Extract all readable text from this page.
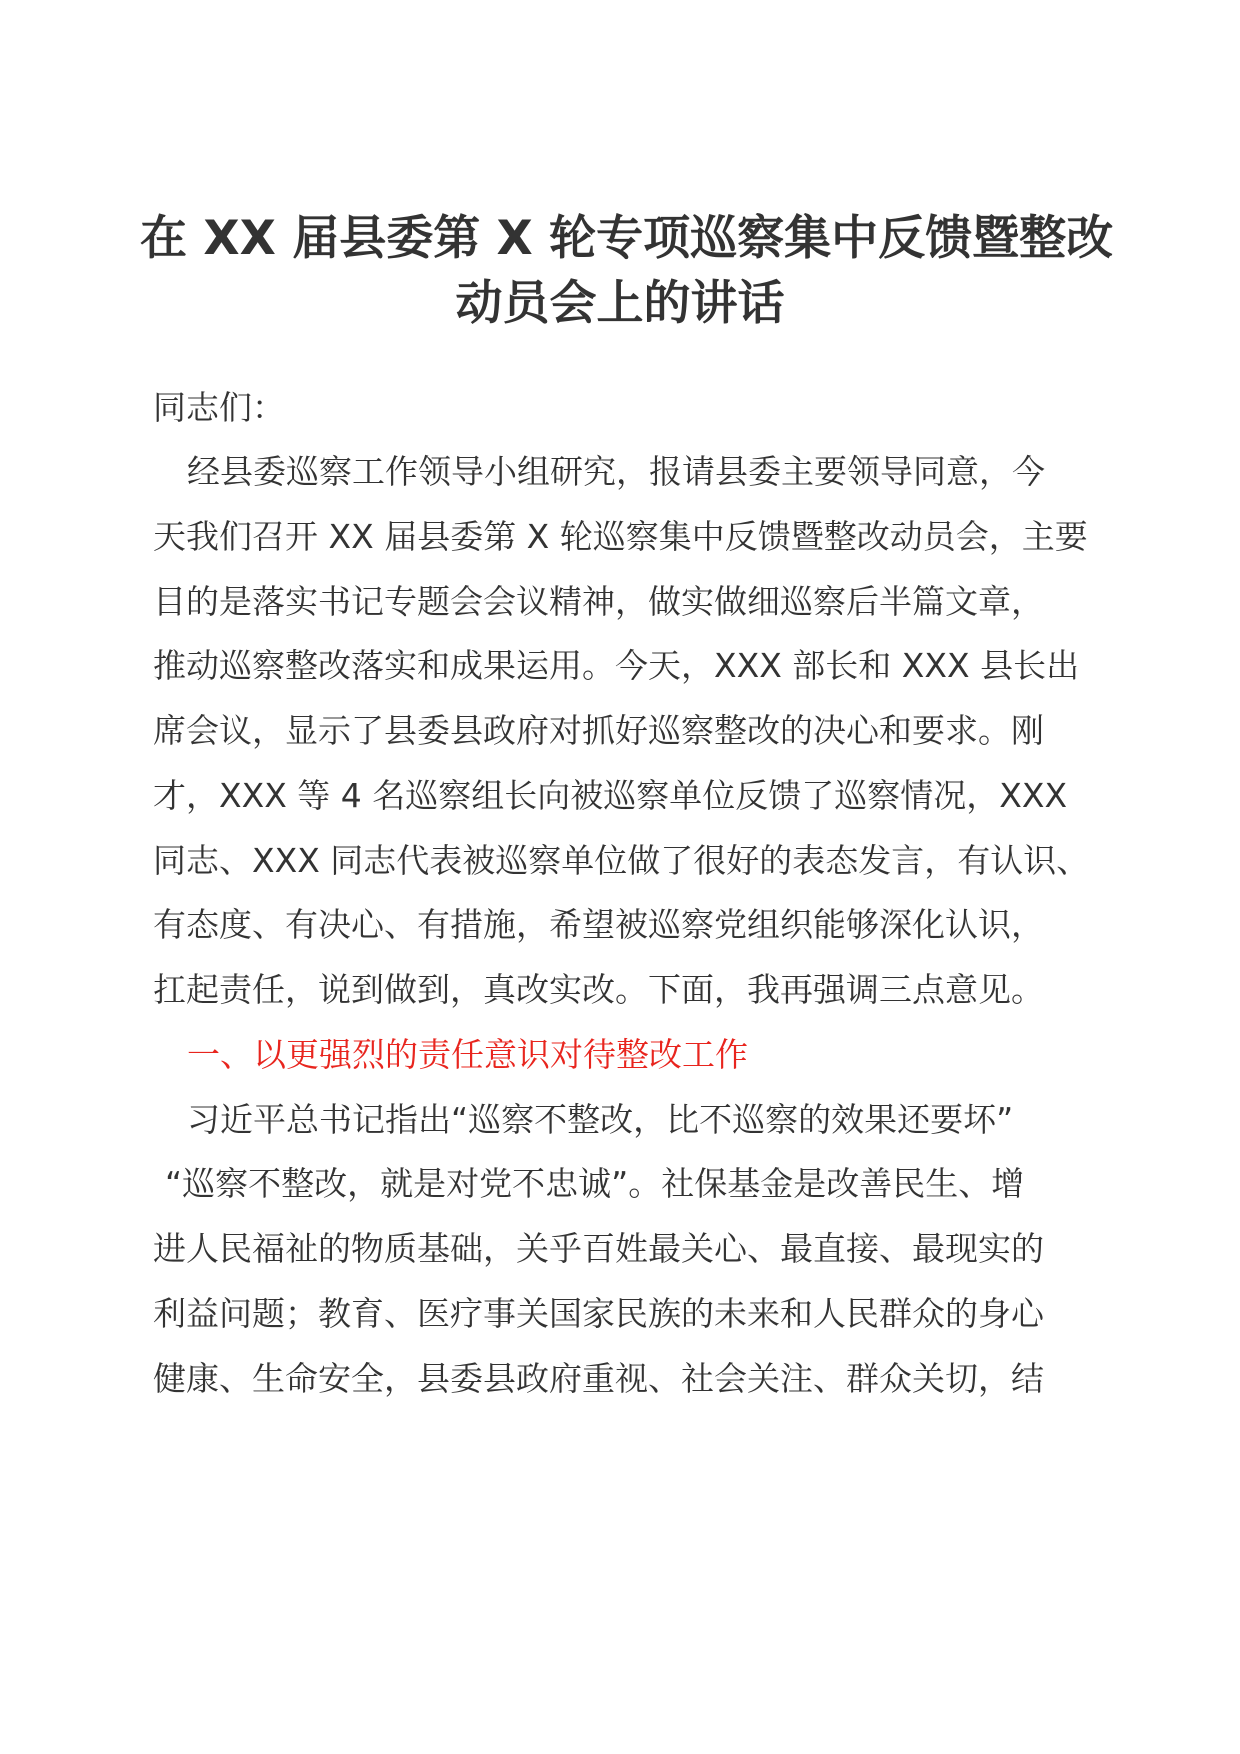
在 XX 届县委第 X 轮专项巡察集中反馈暨整改
动员会上的讲话
同志们：
经县委巡察工作领导小组研究，报请县委主要领导同意，今
天我们召开 XX 届县委第 X 轮巡察集中反馈暨整改动员会，主要
目的是落实书记专题会会议精神，做实做细巡察后半篇文章，
推动巡察整改落实和成果运用。今天，XXX 部长和 XXX 县长出
席会议，显示了县委县政府对抓好巡察整改的决心和要求。刚
才，XXX 等 4 名巡察组长向被巡察单位反馈了巡察情况，XXX
同志、XXX 同志代表被巡察单位做了很好的表态发言，有认识、
有态度、有决心、有措施，希望被巡察党组织能够深化认识，
扛起责任，说到做到，真改实改。下面，我再强调三点意见。
一、以更强烈的责任意识对待整改工作
习近平总书记指出“巡察不整改，比不巡察的效果还要坏”
“巡察不整改，就是对党不忠诚”。社保基金是改善民生、增
进人民福祉的物质基础，关乎百姓最关心、最直接、最现实的
利益问题；教育、医疗事关国家民族的未来和人民群众的身心
健康、生命安全，县委县政府重视、社会关注、群众关切，结
